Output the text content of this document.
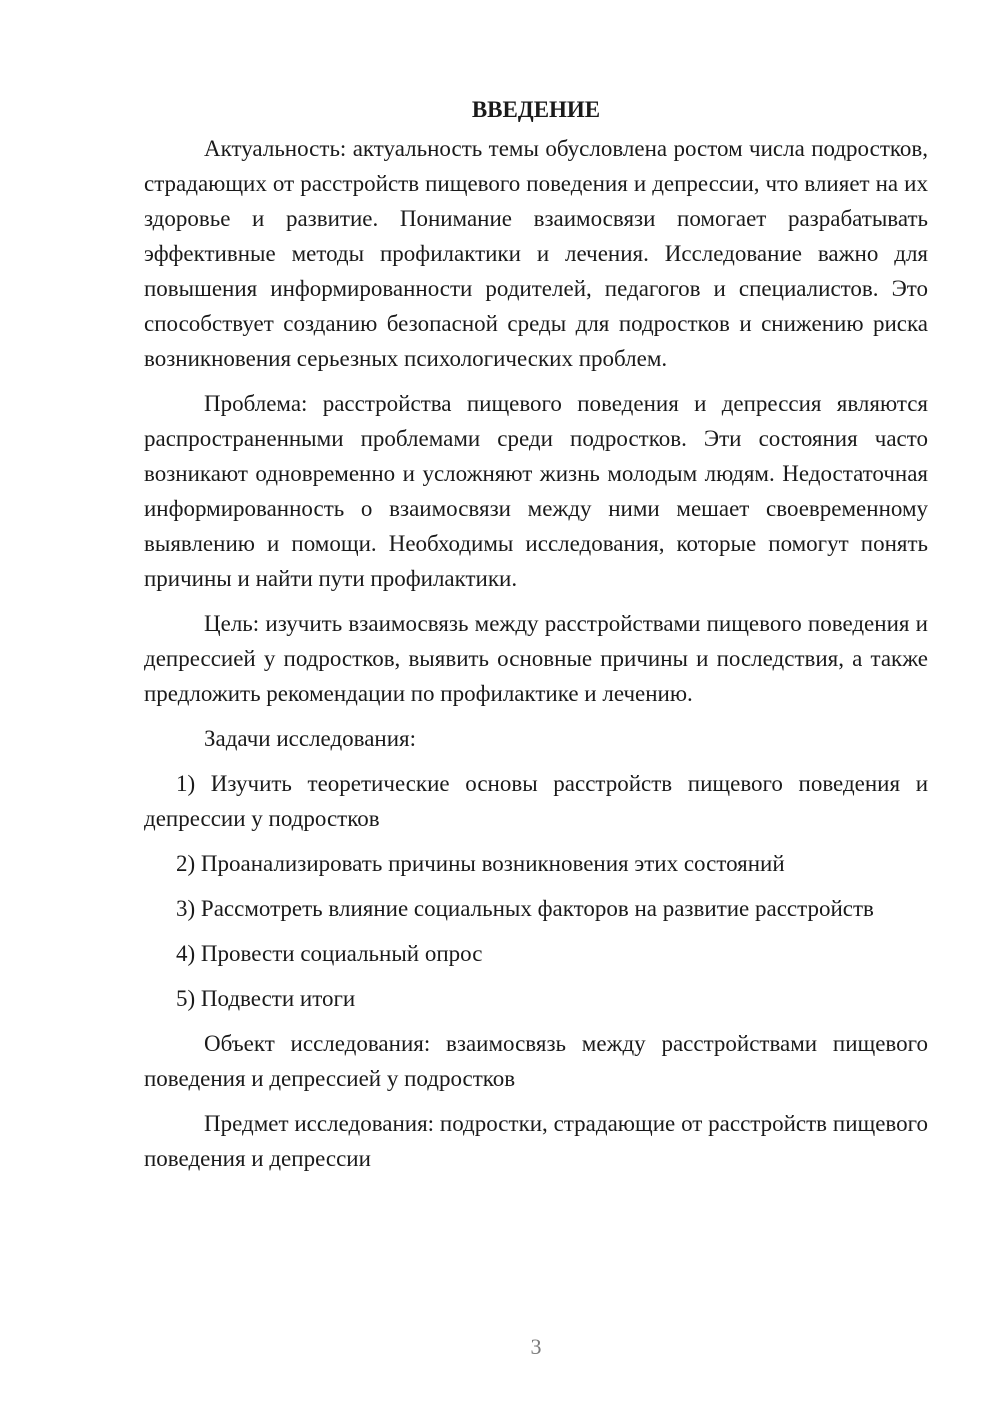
ВВЕДЕНИЕ

Актуальность: актуальность темы обусловлена ростом числа подростков, страдающих от расстройств пищевого поведения и депрессии, что влияет на их здоровье и развитие. Понимание взаимосвязи помогает разрабатывать эффективные методы профилактики и лечения. Исследование важно для повышения информированности родителей, педагогов и специалистов. Это способствует созданию безопасной среды для подростков и снижению риска возникновения серьезных психологических проблем.

Проблема: расстройства пищевого поведения и депрессия являются распространенными проблемами среди подростков. Эти состояния часто возникают одновременно и усложняют жизнь молодым людям. Недостаточная информированность о взаимосвязи между ними мешает своевременному выявлению и помощи. Необходимы исследования, которые помогут понять причины и найти пути профилактики.

Цель: изучить взаимосвязь между расстройствами пищевого поведения и депрессией у подростков, выявить основные причины и последствия, а также предложить рекомендации по профилактике и лечению.

Задачи исследования:

1) Изучить теоретические основы расстройств пищевого поведения и депрессии у подростков

2) Проанализировать причины возникновения этих состояний

3) Рассмотреть влияние социальных факторов на развитие расстройств

4) Провести социальный опрос

5) Подвести итоги

Объект исследования: взаимосвязь между расстройствами пищевого поведения и депрессией у подростков

Предмет исследования: подростки, страдающие от расстройств пищевого поведения и депрессии

3
